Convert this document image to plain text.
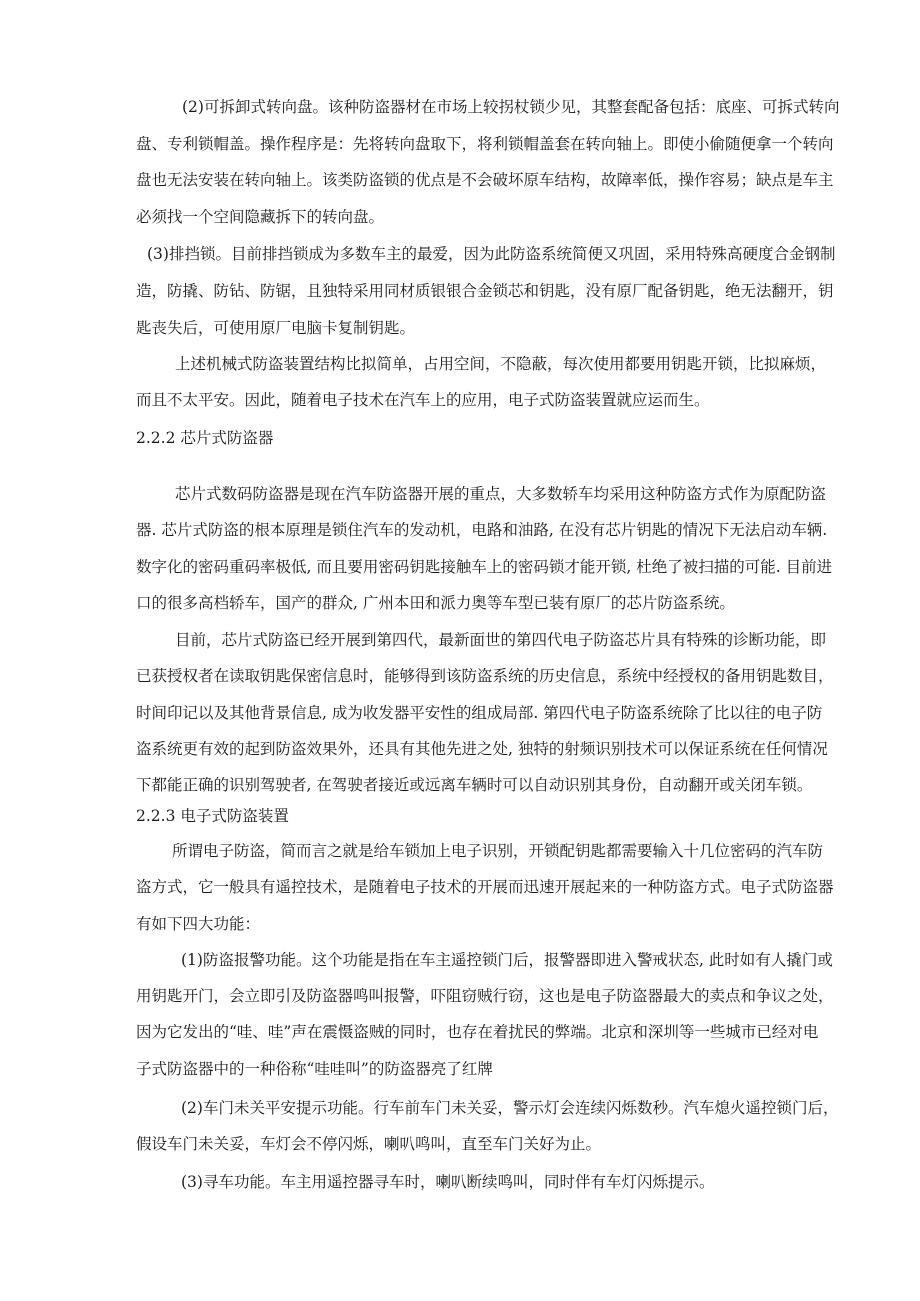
(2)可拆卸式转向盘。该种防盗器材在市场上较拐杖锁少见，其整套配备包括：底座、可拆式转向
盘、专利锁帽盖。操作程序是：先将转向盘取下，将利锁帽盖套在转向轴上。即使小偷随便拿一个转向
盘也无法安装在转向轴上。该类防盗锁的优点是不会破坏原车结构，故障率低，操作容易；缺点是车主
必须找一个空间隐藏拆下的转向盘。
(3)排挡锁。目前排挡锁成为多数车主的最爱，因为此防盗系统简便又巩固，采用特殊高硬度合金钢制
造，防撬、防钻、防锯，且独特采用同材质银银合金锁芯和钥匙，没有原厂配备钥匙，绝无法翻开，钥
匙丧失后，可使用原厂电脑卡复制钥匙。
上述机械式防盗装置结构比拟简单，占用空间，不隐蔽，每次使用都要用钥匙开锁，比拟麻烦，
而且不太平安。因此，随着电子技术在汽车上的应用，电子式防盗装置就应运而生。
2.2.2 芯片式防盗器
芯片式数码防盗器是现在汽车防盗器开展的重点，大多数轿车均采用这种防盗方式作为原配防盗
器. 芯片式防盗的根本原理是锁住汽车的发动机，电路和油路, 在没有芯片钥匙的情况下无法启动车辆.
数字化的密码重码率极低, 而且要用密码钥匙接触车上的密码锁才能开锁, 杜绝了被扫描的可能. 目前进
口的很多高档轿车，国产的群众, 广州本田和派力奥等车型已装有原厂的芯片防盗系统。
目前，芯片式防盗已经开展到第四代，最新面世的第四代电子防盗芯片具有特殊的诊断功能，即
已获授权者在读取钥匙保密信息时，能够得到该防盗系统的历史信息，系统中经授权的备用钥匙数目，
时间印记以及其他背景信息, 成为收发器平安性的组成局部. 第四代电子防盗系统除了比以往的电子防
盗系统更有效的起到防盗效果外，还具有其他先进之处, 独特的射频识别技术可以保证系统在任何情况
下都能正确的识别驾驶者, 在驾驶者接近或远离车辆时可以自动识别其身份，自动翻开或关闭车锁。
2.2.3 电子式防盗装置
所谓电子防盗，简而言之就是给车锁加上电子识别，开锁配钥匙都需要输入十几位密码的汽车防
盗方式，它一般具有遥控技术，是随着电子技术的开展而迅速开展起来的一种防盗方式。电子式防盗器
有如下四大功能：
(1)防盗报警功能。这个功能是指在车主遥控锁门后，报警器即进入警戒状态, 此时如有人撬门或
用钥匙开门，会立即引及防盗器鸣叫报警，吓阻窃贼行窃，这也是电子防盗器最大的卖点和争议之处，
因为它发出的“哇、哇”声在震慑盗贼的同时，也存在着扰民的弊端。北京和深圳等一些城市已经对电
子式防盗器中的一种俗称“哇哇叫”的防盗器亮了红牌
(2)车门未关平安提示功能。行车前车门未关妥，警示灯会连续闪烁数秒。汽车熄火遥控锁门后，
假设车门未关妥，车灯会不停闪烁，喇叭鸣叫，直至车门关好为止。
(3)寻车功能。车主用遥控器寻车时，喇叭断续鸣叫，同时伴有车灯闪烁提示。
